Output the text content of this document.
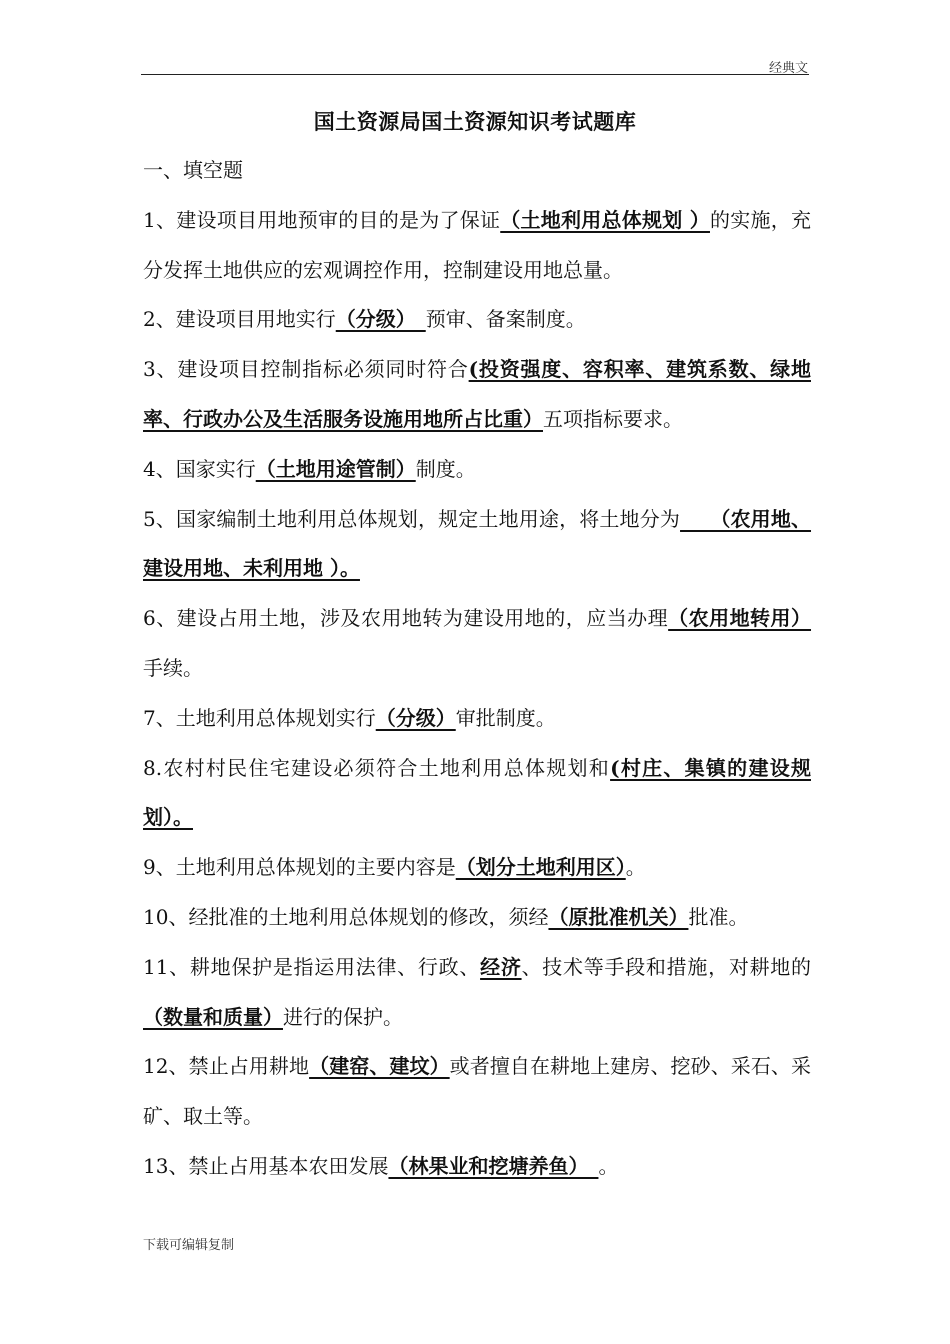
经典文
国土资源局国土资源知识考试题库

一、填空题

1、建设项目用地预审的目的是为了保证（土地利用总体规划 ）的实施，充分发挥土地供应的宏观调控作用，控制建设用地总量。

2、建设项目用地实行（分级）　预审、备案制度。

3、建设项目控制指标必须同时符合(投资强度、容积率、建筑系数、绿地率、行政办公及生活服务设施用地所占比重）五项指标要求。

4、国家实行（土地用途管制）制度。

5、国家编制土地利用总体规划，规定土地用途，将土地分为　　（农用地、建设用地、未利用地 ）。

6、建设占用土地，涉及农用地转为建设用地的，应当办理（农用地转用）手续。

7、土地利用总体规划实行（分级）审批制度。

8.农村村民住宅建设必须符合土地利用总体规划和(村庄、集镇的建设规划）。

9、土地利用总体规划的主要内容是（划分土地利用区）。

10、经批准的土地利用总体规划的修改，须经（原批准机关）批准。

11、耕地保护是指运用法律、行政、经济、技术等手段和措施，对耕地的（数量和质量）进行的保护。

12、禁止占用耕地（建窑、建坟）或者擅自在耕地上建房、挖砂、采石、采矿、取土等。

13、禁止占用基本农田发展（林果业和挖塘养鱼）　。

下载可编辑复制
